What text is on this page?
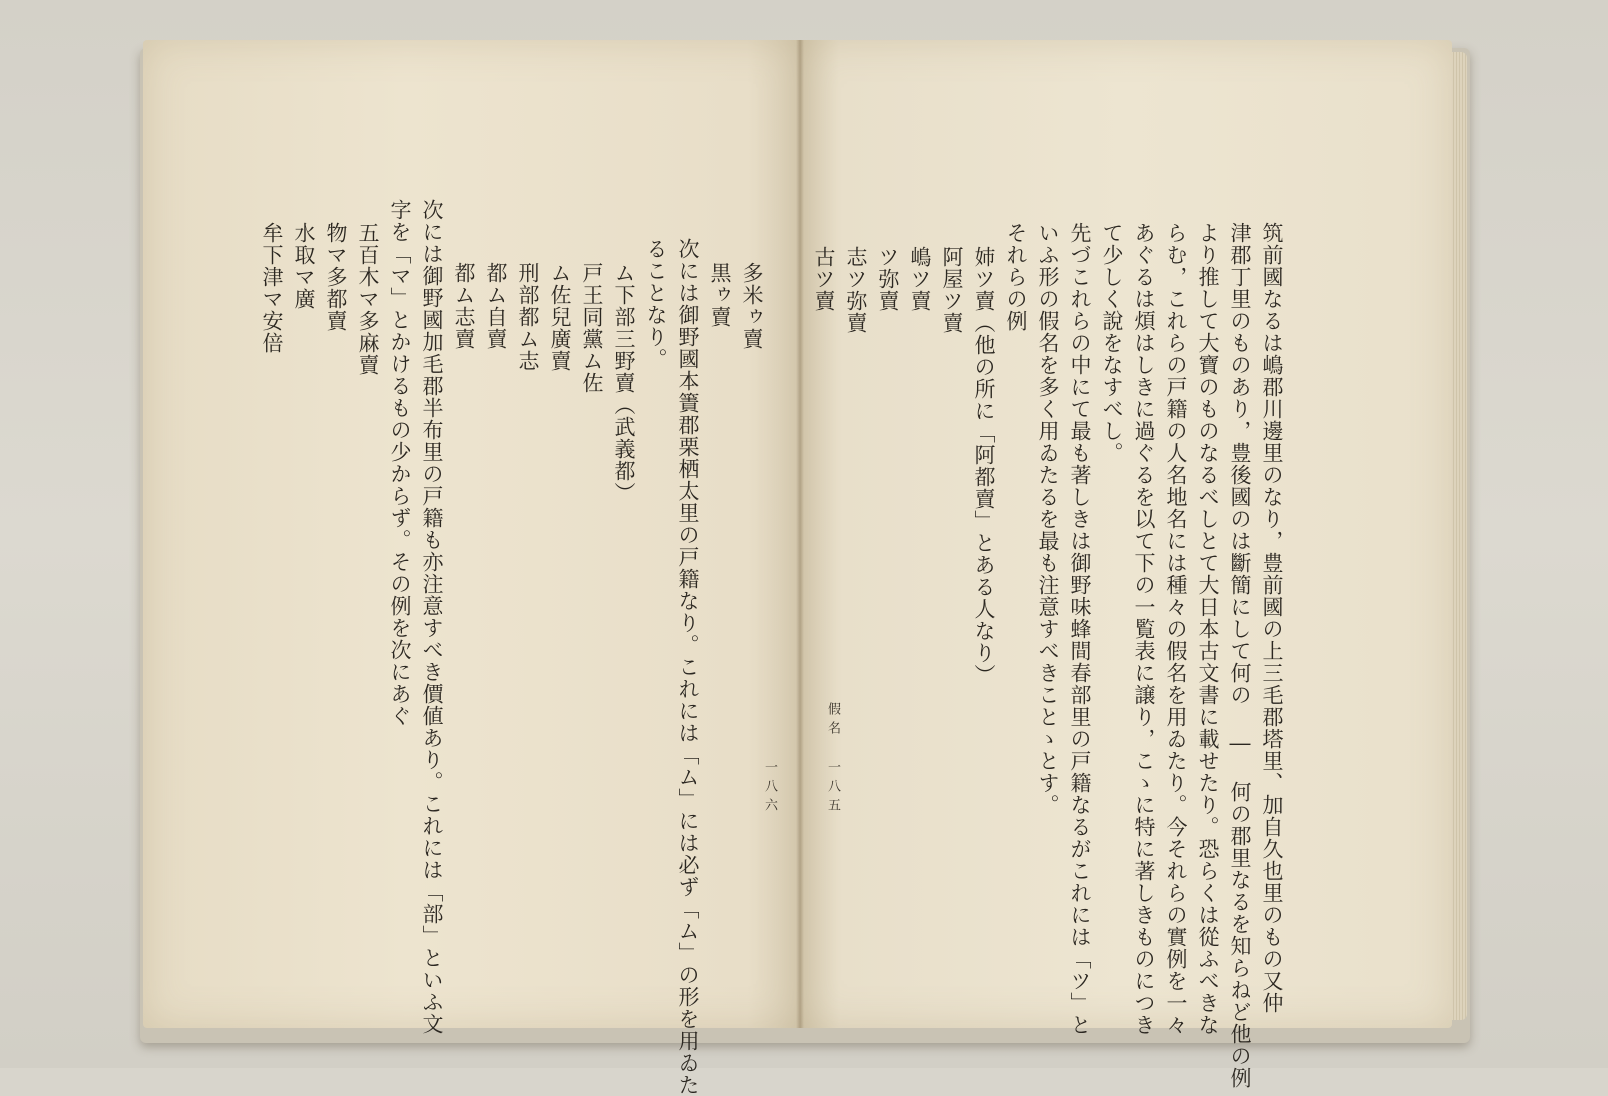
筑前國なるは嶋郡川邊里のなり，豊前國の上三毛郡塔里、加自久也里のもの又仲
津郡丁里のものあり，豊後國のは斷簡にして何の ― 何の郡里なるを知らねど他の例
より推して大寶のものなるべしとて大日本古文書に載せたり。恐らくは從ふべきな
らむ，これらの戸籍の人名地名には種々の假名を用ゐたり。今それらの實例を一々
あぐるは煩はしきに過ぐるを以て下の一覧表に譲り，こゝに特に著しきものにつき
て少しく說をなすべし。
先づこれらの中にて最も著しきは御野味蜂間春部里の戸籍なるがこれには「ツ」と
いふ形の假名を多く用ゐたるを最も注意すべきことゝとす。
それらの例
姉ツ賣（他の所に「阿都賣」とある人なり）
阿屋ツ賣
嶋ツ賣
ツ弥賣
志ツ弥賣
古ツ賣
假名
一八五
多米ゥ賣
黒ゥ賣
次には御野國本簀郡栗栖太里の戸籍なり。これには「ム」には必ず「ム」の形を用ゐた
ることなり。
ム下部三野賣（武義都）
戸王同黨ム佐
ム佐兒廣賣
刑部都ム志
都ム自賣
都ム志賣
次には御野國加毛郡半布里の戸籍も亦注意すべき價値あり。これには「部」といふ文
字を「マ」とかけるもの少からず。その例を次にあぐ
五百木マ多麻賣
物マ多都賣
水取マ廣
牟下津マ安倍
一八六
